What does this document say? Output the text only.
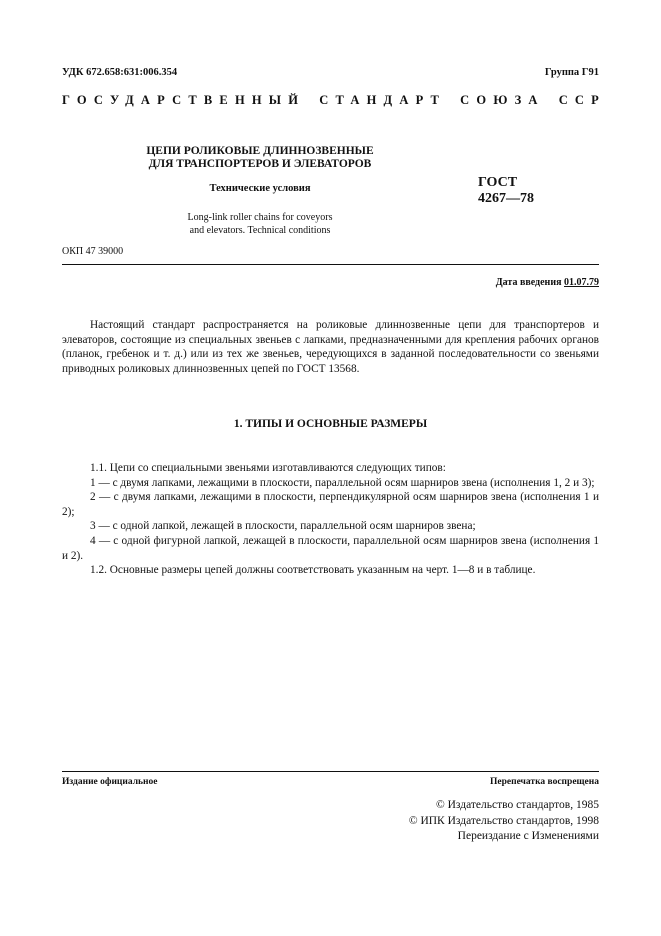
УДК 672.658:631:006.354	Группа Г91
ГОСУДАРСТВЕННЫЙ СТАНДАРТ СОЮЗА ССР
ЦЕПИ РОЛИКОВЫЕ ДЛИННОЗВЕННЫЕ
ДЛЯ ТРАНСПОРТЕРОВ И ЭЛЕВАТОРОВ
Технические условия
Long-link roller chains for coveyors
and elevators. Technical conditions
ГОСТ
4267—78
ОКП 47 39000
Дата введения 01.07.79

Настоящий стандарт распространяется на роликовые длиннозвенные цепи для транспортеров и элеваторов, состоящие из специальных звеньев с лапками, предназначенными для крепления рабочих органов (планок, гребенок и т. д.) или из тех же звеньев, чередующихся в заданной последовательности со звеньями приводных роликовых длиннозвенных цепей по ГОСТ 13568.

1. ТИПЫ И ОСНОВНЫЕ РАЗМЕРЫ

1.1. Цепи со специальными звеньями изготавливаются следующих типов:

1 — с двумя лапками, лежащими в плоскости, параллельной осям шарниров звена (исполнения 1, 2 и 3);

2 — с двумя лапками, лежащими в плоскости, перпендикулярной осям шарниров звена (исполнения 1 и 2);

3 — с одной лапкой, лежащей в плоскости, параллельной осям шарниров звена;

4 — с одной фигурной лапкой, лежащей в плоскости, параллельной осям шарниров звена (исполнения 1 и 2).

1.2. Основные размеры цепей должны соответствовать указанным на черт. 1—8 и в таблице.

Издание официальное	Перепечатка воспрещена
© Издательство стандартов, 1985
© ИПК Издательство стандартов, 1998
Переиздание с Изменениями
